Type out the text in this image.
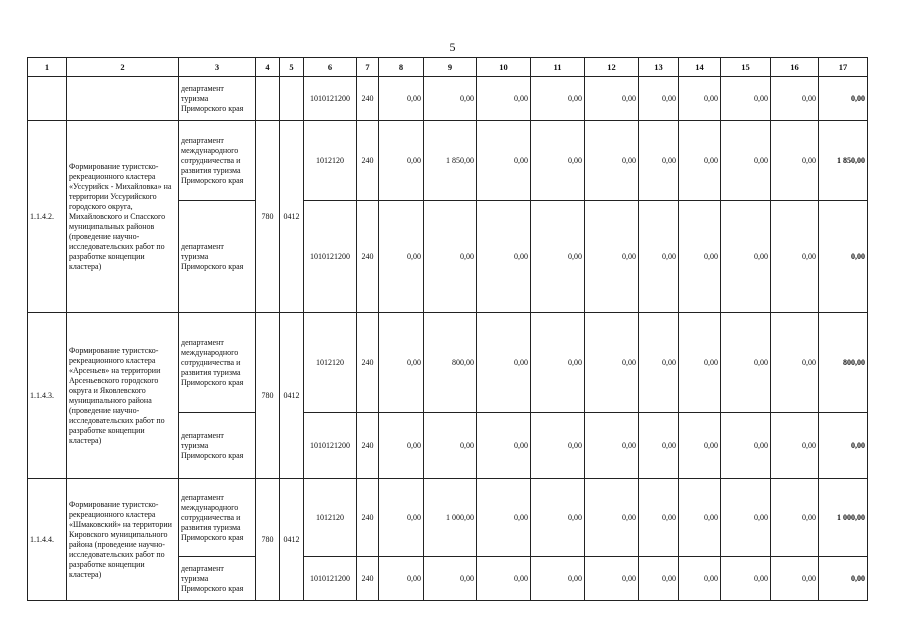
5
1	2	3	4	5	6	7	8	9	10	11	12	13	14	15	16	17
		департамент туризма Приморского края			1010121200	240	0,00	0,00	0,00	0,00	0,00	0,00	0,00	0,00	0,00	0,00
1.1.4.2.	Формирование туристско-рекреационного кластера «Уссурийск - Михайловка» на территории Уссурийского городского округа, Михайловского и Спасского муниципальных районов (проведение научно-исследовательских работ по разработке концепции кластера)	департамент международного сотрудничества и развития туризма Приморского края	780	0412	1012120	240	0,00	1 850,00	0,00	0,00	0,00	0,00	0,00	0,00	0,00	1 850,00
		департамент туризма Приморского края			1010121200	240	0,00	0,00	0,00	0,00	0,00	0,00	0,00	0,00	0,00	0,00
1.1.4.3.	Формирование туристско-рекреационного кластера «Арсеньев» на территории Арсеньевского городского округа и Яковлевского муниципального района (проведение научно-исследовательских работ по разработке концепции кластера)	департамент международного сотрудничества и развития туризма Приморского края	780	0412	1012120	240	0,00	800,00	0,00	0,00	0,00	0,00	0,00	0,00	0,00	800,00
		департамент туризма Приморского края			1010121200	240	0,00	0,00	0,00	0,00	0,00	0,00	0,00	0,00	0,00	0,00
1.1.4.4.	Формирование туристско-рекреационного кластера «Шмаковский» на территории Кировского муниципального района (проведение научно-исследовательских работ по разработке концепции кластера)	департамент международного сотрудничества и развития туризма Приморского края	780	0412	1012120	240	0,00	1 000,00	0,00	0,00	0,00	0,00	0,00	0,00	0,00	1 000,00
		департамент туризма Приморского края			1010121200	240	0,00	0,00	0,00	0,00	0,00	0,00	0,00	0,00	0,00	0,00
